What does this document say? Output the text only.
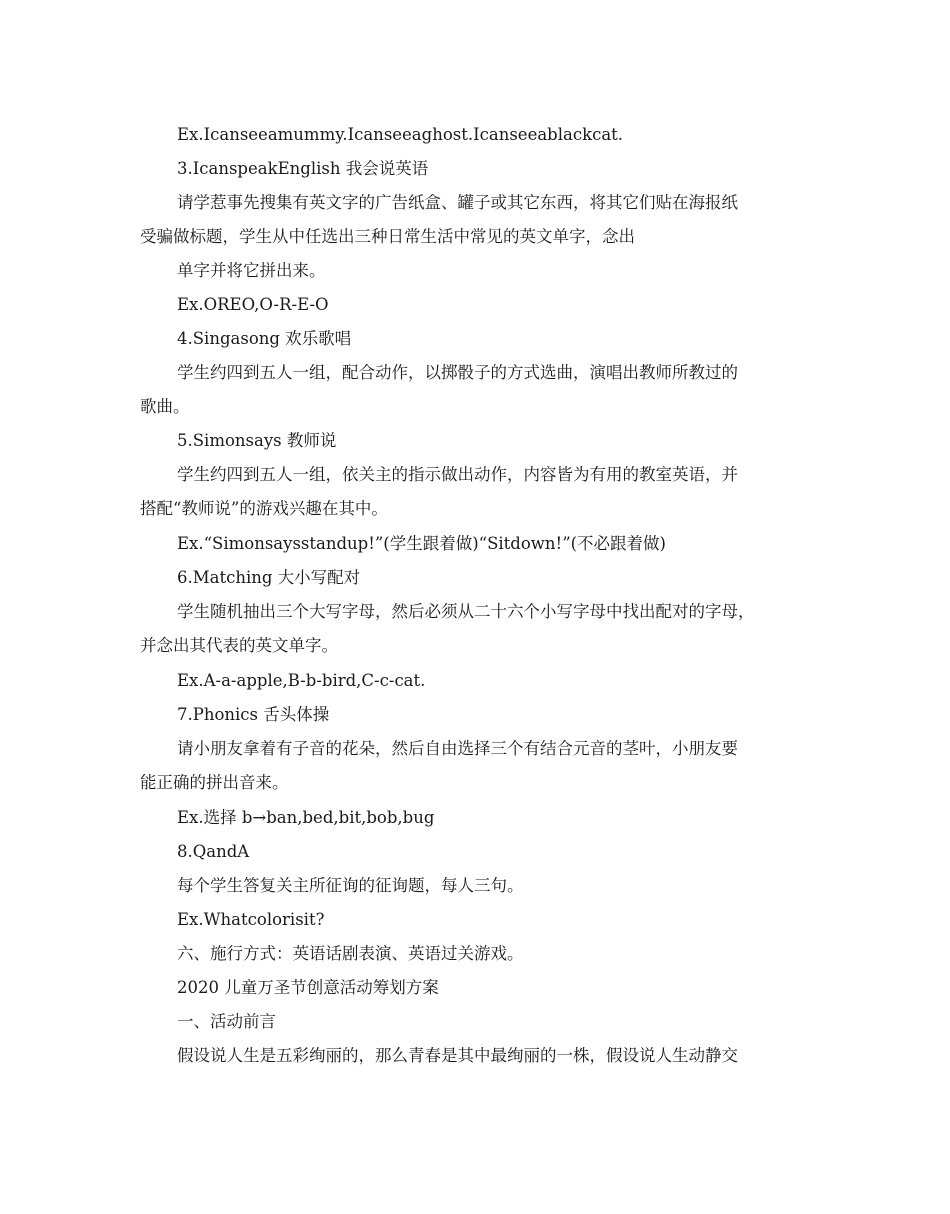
Ex.Icanseeamummy.Icanseeaghost.Icanseeablackcat.
3.IcanspeakEnglish 我会说英语
请学惹事先搜集有英文字的广告纸盒、罐子或其它东西，将其它们贴在海报纸
受骗做标题，学生从中任选出三种日常生活中常见的英文单字，念出
单字并将它拼出来。
Ex.OREO,O-R-E-O
4.Singasong 欢乐歌唱
学生约四到五人一组，配合动作，以掷骰子的方式选曲，演唱出教师所教过的
歌曲。
5.Simonsays 教师说
学生约四到五人一组，依关主的指示做出动作，内容皆为有用的教室英语，并
搭配“教师说”的游戏兴趣在其中。
Ex.“Simonsaysstandup!”(学生跟着做)“Sitdown!”(不必跟着做)
6.Matching 大小写配对
学生随机抽出三个大写字母，然后必须从二十六个小写字母中找出配对的字母，
并念出其代表的英文单字。
Ex.A-a-apple,B-b-bird,C-c-cat.
7.Phonics 舌头体操
请小朋友拿着有子音的花朵，然后自由选择三个有结合元音的茎叶，小朋友要
能正确的拼出音来。
Ex.选择 b→ban,bed,bit,bob,bug
8.QandA
每个学生答复关主所征询的征询题，每人三句。
Ex.Whatcolorisit?
六、施行方式：英语话剧表演、英语过关游戏。
2020 儿童万圣节创意活动筹划方案
一、活动前言
假设说人生是五彩绚丽的，那么青春是其中最绚丽的一株，假设说人生动静交
